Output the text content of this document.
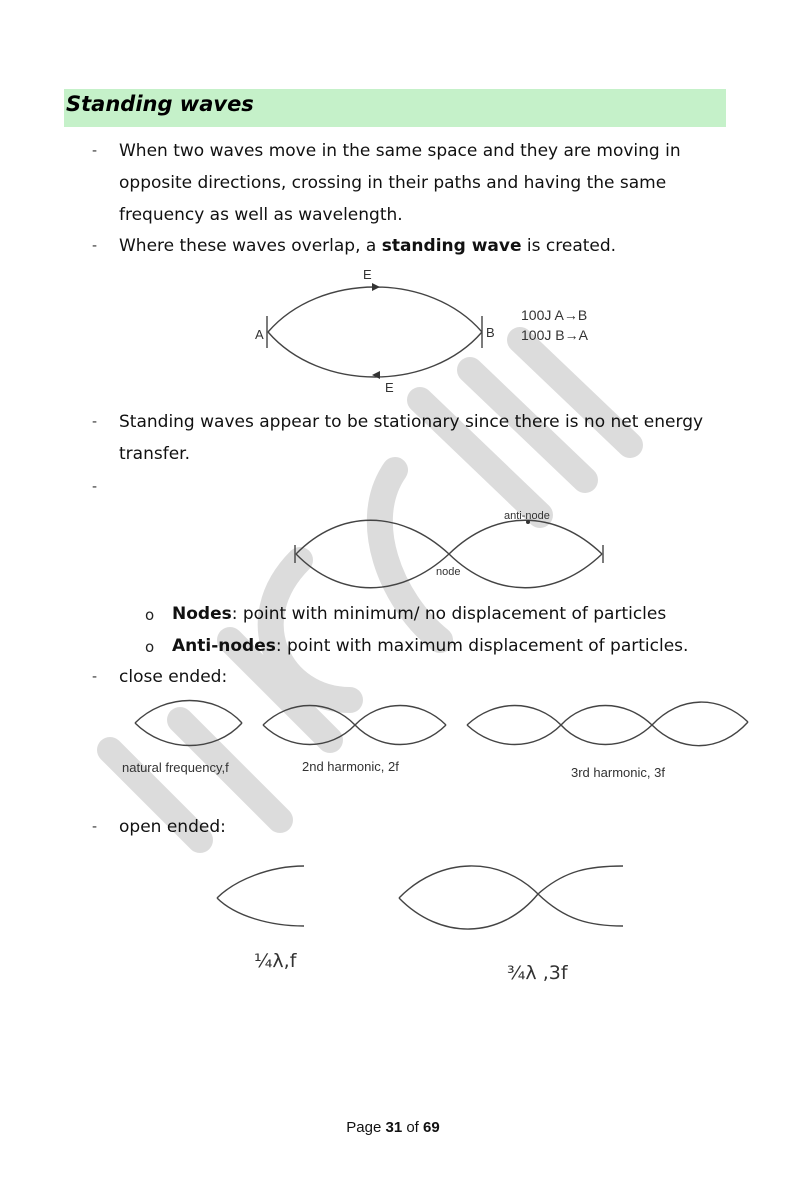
Standing waves
- When two waves move in the same space and they are moving in
opposite directions, crossing in their paths and having the same
frequency as well as wavelength.
- Where these waves overlap, a standing wave is created.
A	B
E
E
100J A→B
100J B→A
- Standing waves appear to be stationary since there is no net energy
transfer.
-
anti-node
node
o Nodes: point with minimum/ no displacement of particles
o Anti-nodes: point with maximum displacement of particles.
- close ended:
natural frequency,f	2nd harmonic, 2f	3rd harmonic, 3f
- open ended:
¼λ,f
¾λ ,3f
Page 31 of 69
